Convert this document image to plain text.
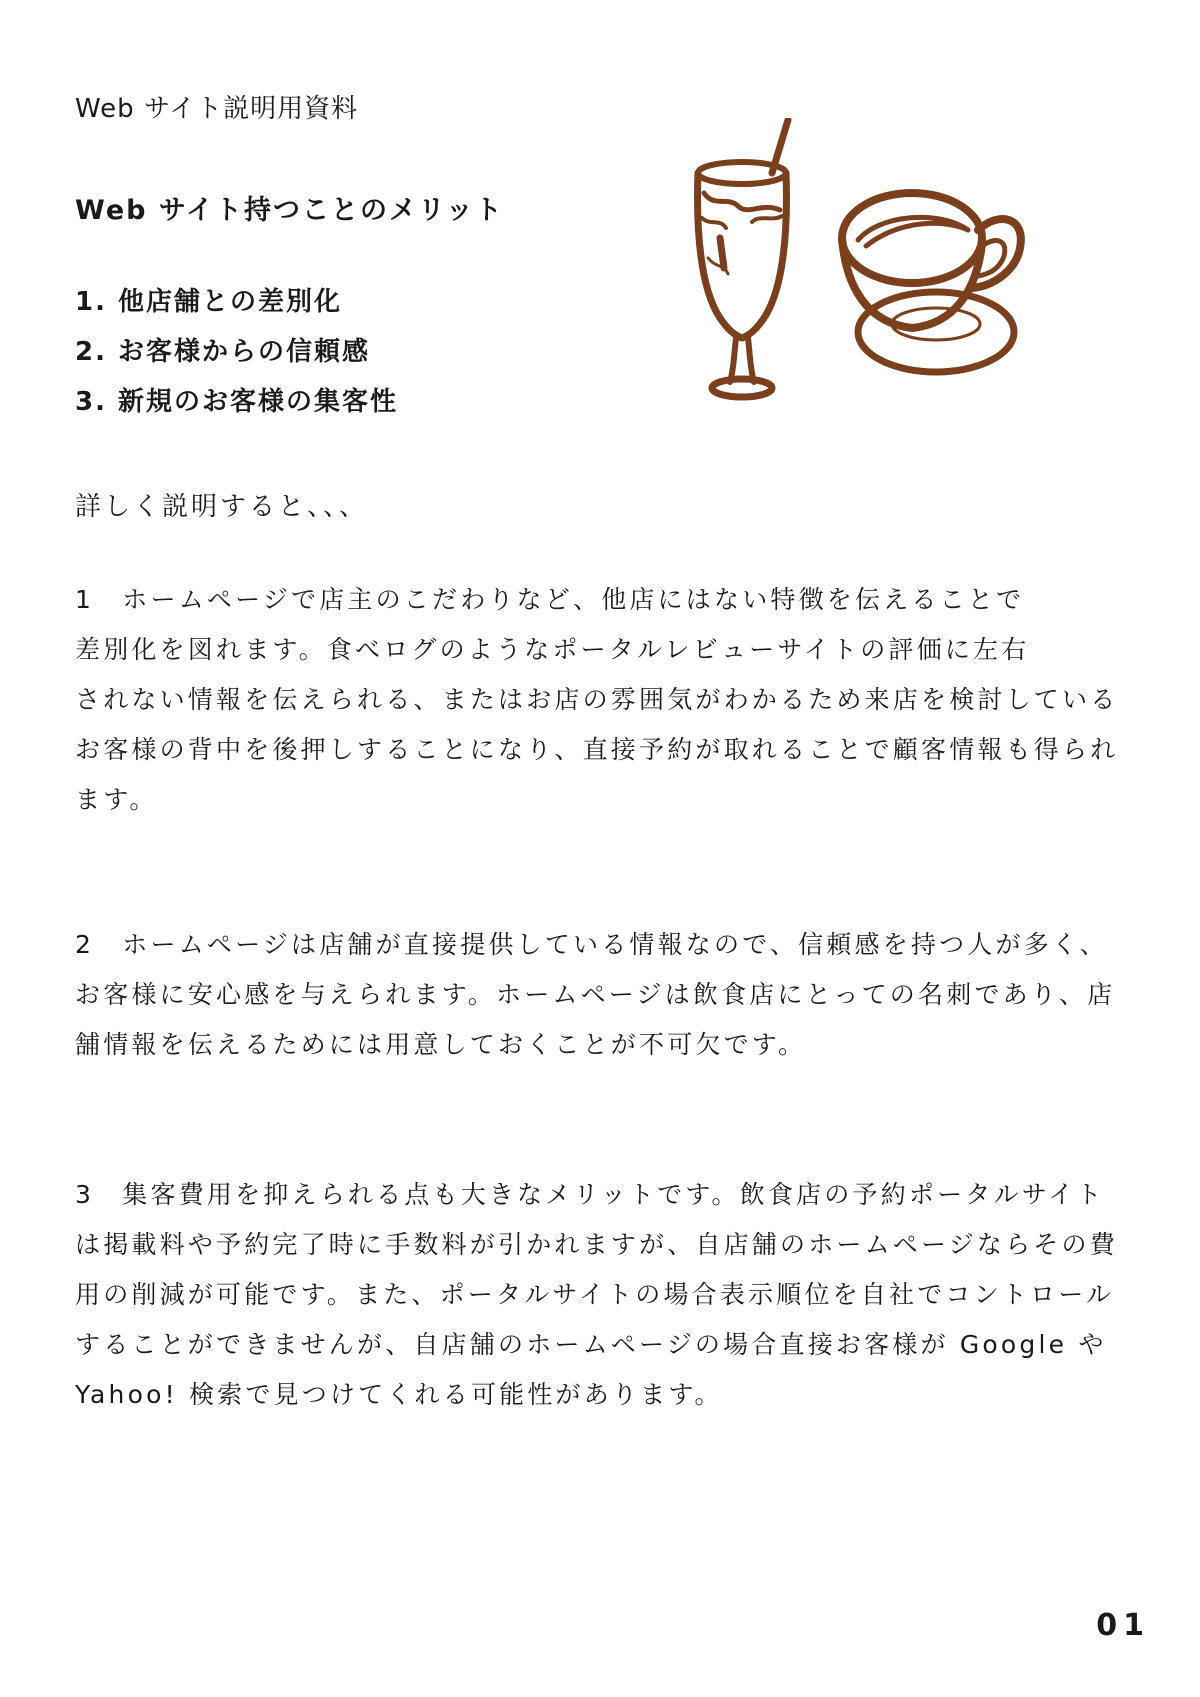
Web サイト説明用資料
Web サイト持つことのメリット
1. 他店舗との差別化
2. お客様からの信頼感
3. 新規のお客様の集客性
詳しく説明すると、、、

1　ホームページで店主のこだわりなど、他店にはない特徴を伝えることで
差別化を図れます。食べログのようなポータルレビューサイトの評価に左右
されない情報を伝えられる、またはお店の雰囲気がわかるため来店を検討している
お客様の背中を後押しすることになり、直接予約が取れることで顧客情報も得られ
ます。

2　ホームページは店舗が直接提供している情報なので、信頼感を持つ人が多く、
お客様に安心感を与えられます。ホームページは飲食店にとっての名刺であり、店
舗情報を伝えるためには用意しておくことが不可欠です。

3　集客費用を抑えられる点も大きなメリットです。飲食店の予約ポータルサイト
は掲載料や予約完了時に手数料が引かれますが、自店舗のホームページならその費
用の削減が可能です。また、ポータルサイトの場合表示順位を自社でコントロール
することができませんが、自店舗のホームページの場合直接お客様が Google や
Yahoo! 検索で見つけてくれる可能性があります。

01
